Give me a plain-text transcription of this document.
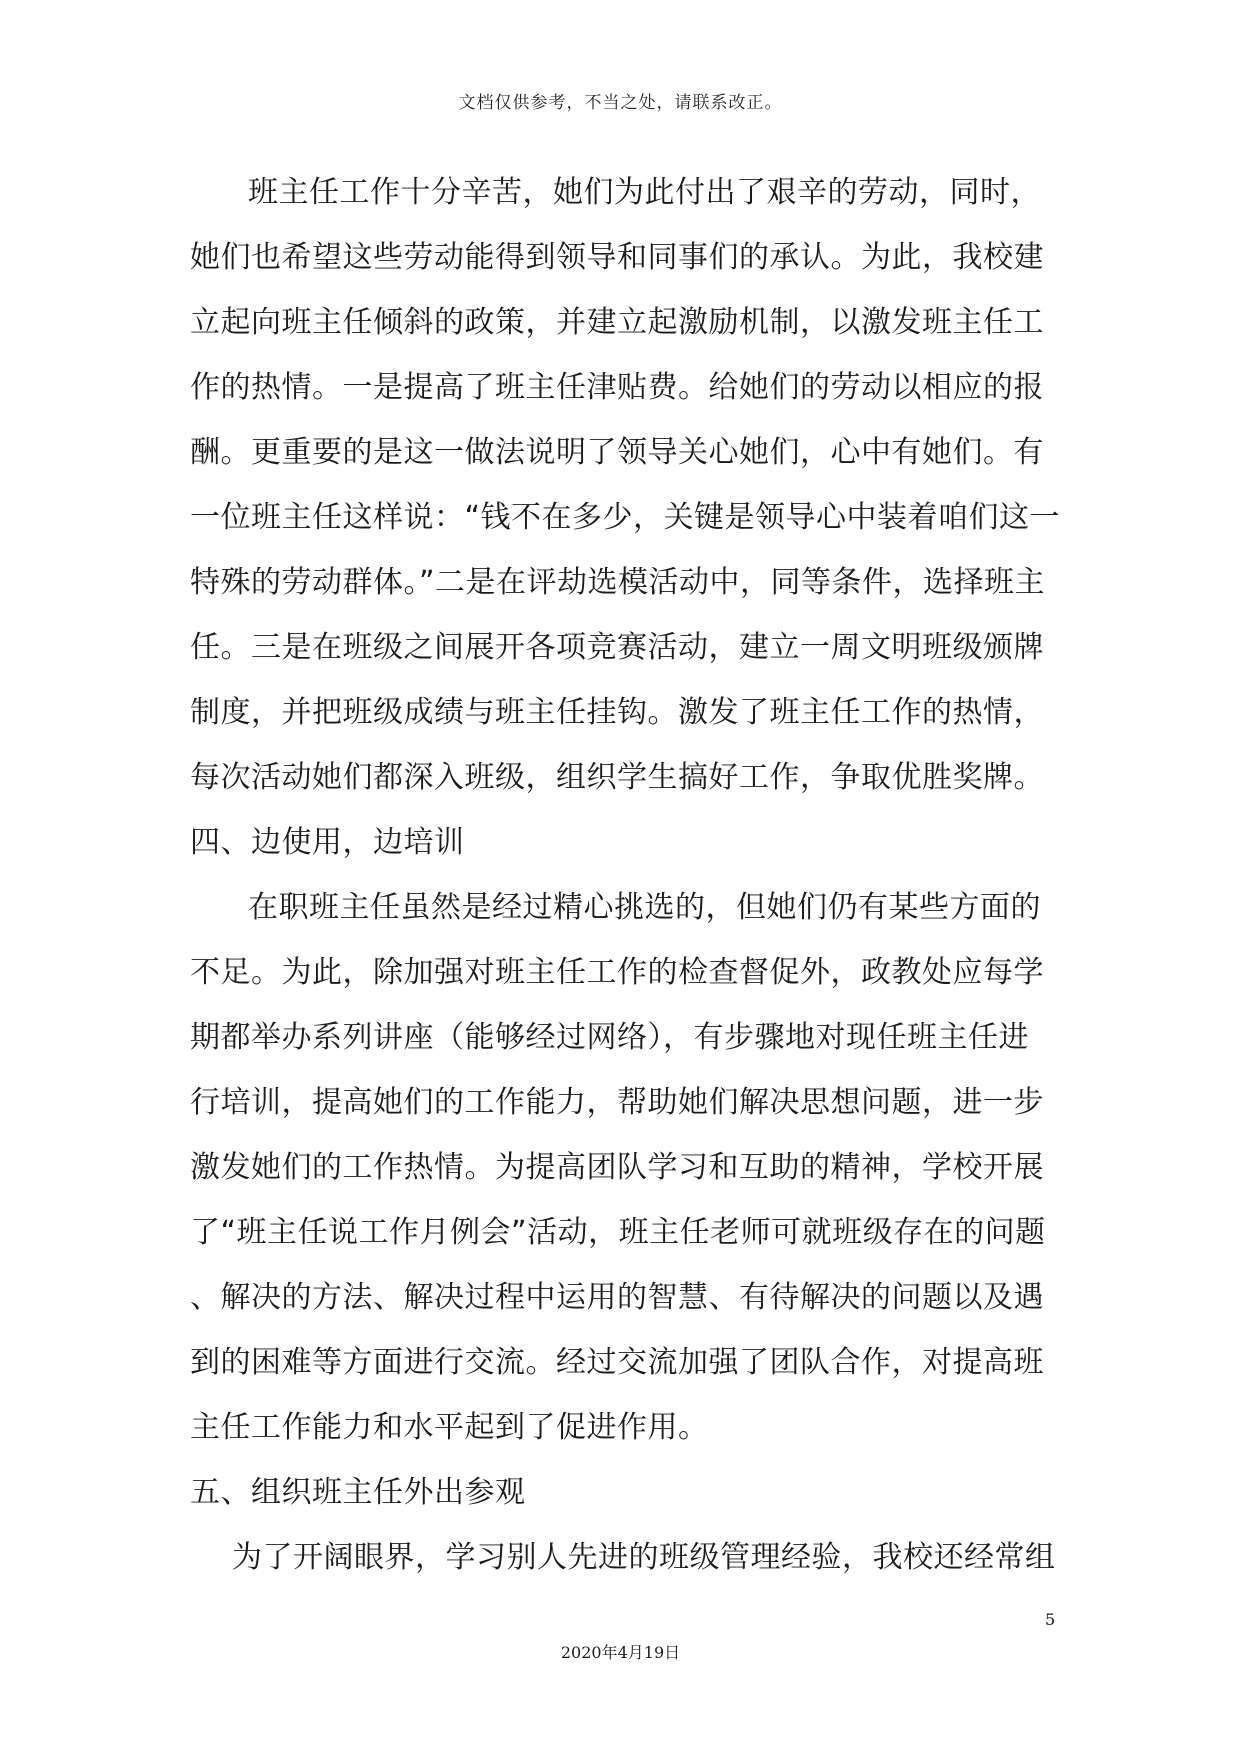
文档仅供参考，不当之处，请联系改正。
班主任工作十分辛苦，她们为此付出了艰辛的劳动，同时，
她们也希望这些劳动能得到领导和同事们的承认。为此，我校建
立起向班主任倾斜的政策，并建立起激励机制，以激发班主任工
作的热情。一是提高了班主任津贴费。给她们的劳动以相应的报
酬。更重要的是这一做法说明了领导关心她们，心中有她们。有
一位班主任这样说：“钱不在多少，关键是领导心中装着咱们这一
特殊的劳动群体。”二是在评劫选模活动中，同等条件，选择班主
任。三是在班级之间展开各项竞赛活动，建立一周文明班级颁牌
制度，并把班级成绩与班主任挂钩。激发了班主任工作的热情，
每次活动她们都深入班级，组织学生搞好工作，争取优胜奖牌。
四、边使用，边培训
在职班主任虽然是经过精心挑选的，但她们仍有某些方面的
不足。为此，除加强对班主任工作的检查督促外，政教处应每学
期都举办系列讲座（能够经过网络），有步骤地对现任班主任进
行培训，提高她们的工作能力，帮助她们解决思想问题，进一步
激发她们的工作热情。为提高团队学习和互助的精神，学校开展
了“班主任说工作月例会”活动，班主任老师可就班级存在的问题
、解决的方法、解决过程中运用的智慧、有待解决的问题以及遇
到的困难等方面进行交流。经过交流加强了团队合作，对提高班
主任工作能力和水平起到了促进作用。
五、组织班主任外出参观
为了开阔眼界，学习别人先进的班级管理经验，我校还经常组
5
2020年4月19日
